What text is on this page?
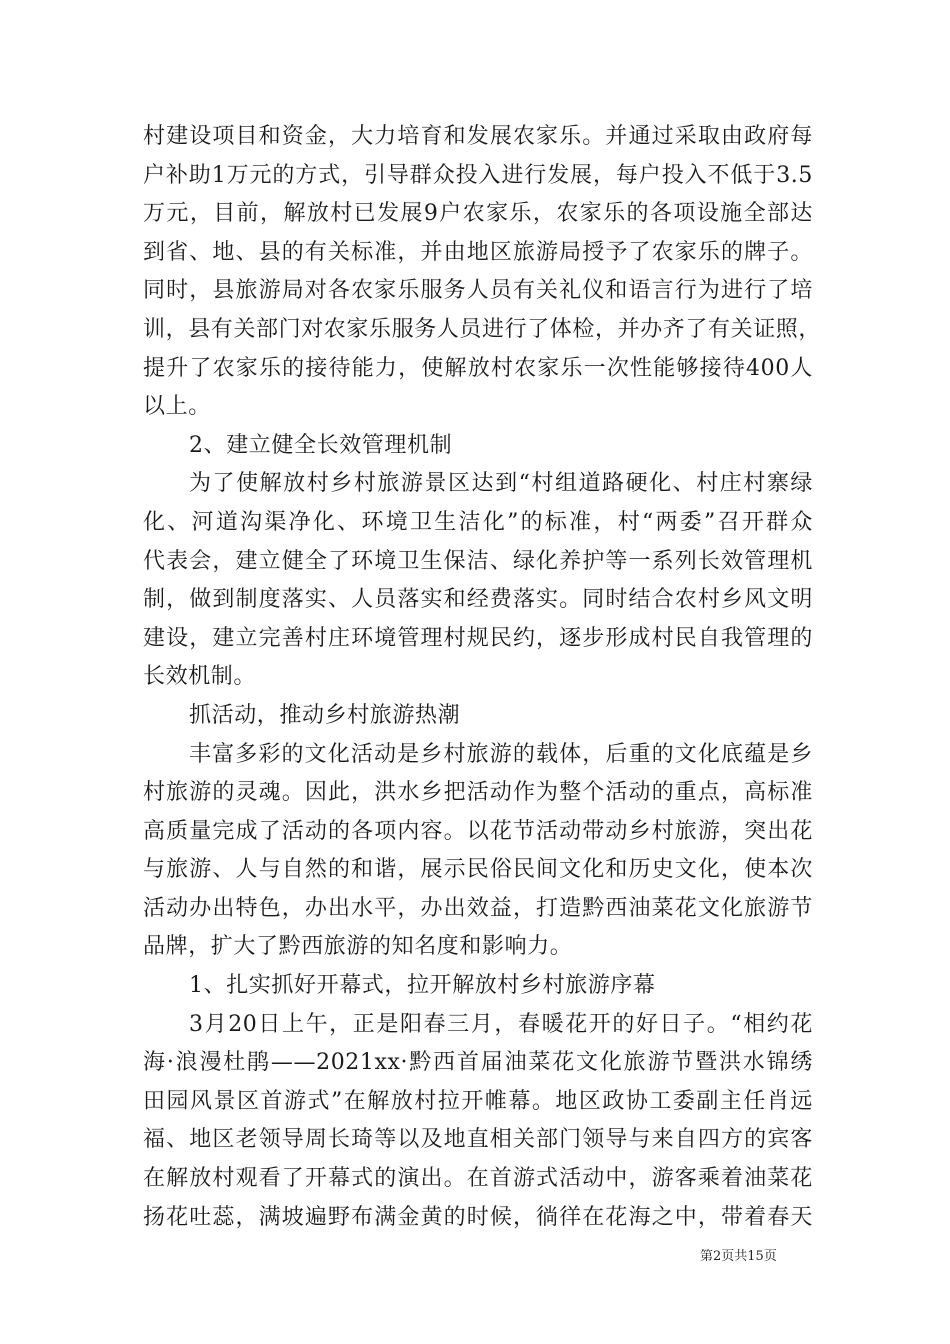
村建设项目和资金，大力培育和发展农家乐。并通过采取由政府每
户补助1万元的方式，引导群众投入进行发展，每户投入不低于3.5
万元，目前，解放村已发展9户农家乐，农家乐的各项设施全部达
到省、地、县的有关标准，并由地区旅游局授予了农家乐的牌子。
同时，县旅游局对各农家乐服务人员有关礼仪和语言行为进行了培
训，县有关部门对农家乐服务人员进行了体检，并办齐了有关证照，
提升了农家乐的接待能力，使解放村农家乐一次性能够接待400人
以上。
2、建立健全长效管理机制
为了使解放村乡村旅游景区达到“村组道路硬化、村庄村寨绿
化、河道沟渠净化、环境卫生洁化”的标准，村“两委”召开群众
代表会，建立健全了环境卫生保洁、绿化养护等一系列长效管理机
制，做到制度落实、人员落实和经费落实。同时结合农村乡风文明
建设，建立完善村庄环境管理村规民约，逐步形成村民自我管理的
长效机制。
抓活动，推动乡村旅游热潮
丰富多彩的文化活动是乡村旅游的载体，后重的文化底蕴是乡
村旅游的灵魂。因此，洪水乡把活动作为整个活动的重点，高标准
高质量完成了活动的各项内容。以花节活动带动乡村旅游，突出花
与旅游、人与自然的和谐，展示民俗民间文化和历史文化，使本次
活动办出特色，办出水平，办出效益，打造黔西油菜花文化旅游节
品牌，扩大了黔西旅游的知名度和影响力。
1、扎实抓好开幕式，拉开解放村乡村旅游序幕
3月20日上午，正是阳春三月，春暖花开的好日子。“相约花
海·浪漫杜鹃——2021xx·黔西首届油菜花文化旅游节暨洪水锦绣
田园风景区首游式”在解放村拉开帷幕。地区政协工委副主任肖远
福、地区老领导周长琦等以及地直相关部门领导与来自四方的宾客
在解放村观看了开幕式的演出。在首游式活动中，游客乘着油菜花
扬花吐蕊，满坡遍野布满金黄的时候，徜徉在花海之中，带着春天
第2页共15页
